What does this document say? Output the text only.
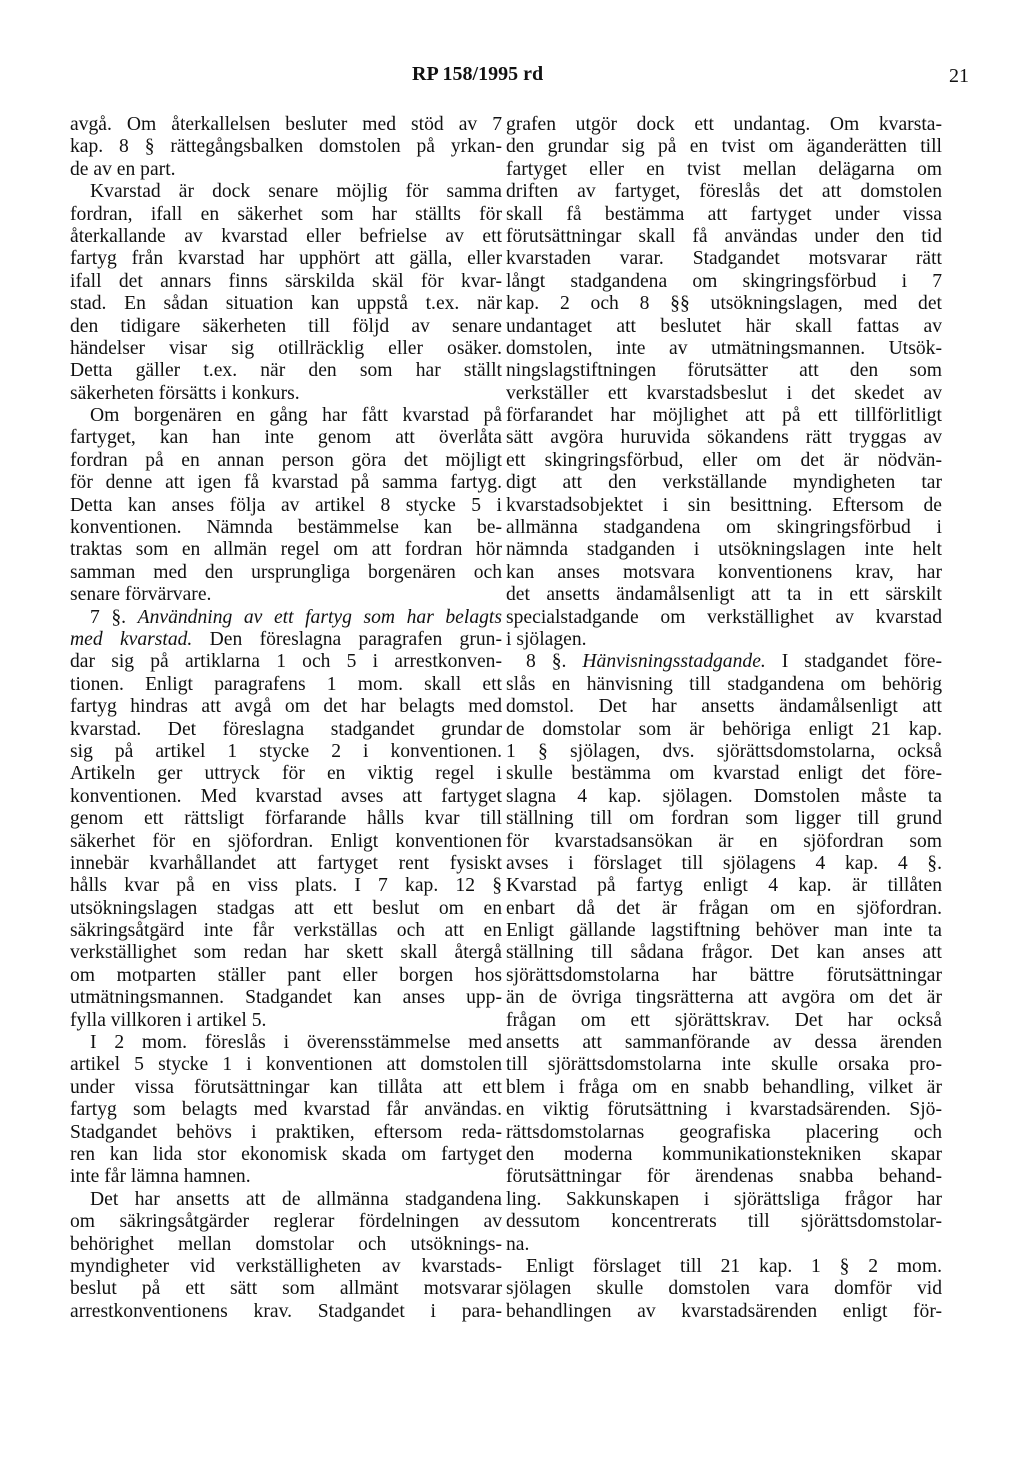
RP 158/1995 rd	21
avgå. Om återkallelsen besluter med stöd av 7
kap. 8 § rättegångsbalken domstolen på yrkan-
de av en part.
Kvarstad är dock senare möjlig för samma
fordran, ifall en säkerhet som har ställts för
återkallande av kvarstad eller befrielse av ett
fartyg från kvarstad har upphört att gälla, eller
ifall det annars finns särskilda skäl för kvar-
stad. En sådan situation kan uppstå t.ex. när
den tidigare säkerheten till följd av senare
händelser visar sig otillräcklig eller osäker.
Detta gäller t.ex. när den som har ställt
säkerheten försätts i konkurs.
Om borgenären en gång har fått kvarstad på
fartyget, kan han inte genom att överlåta
fordran på en annan person göra det möjligt
för denne att igen få kvarstad på samma fartyg.
Detta kan anses följa av artikel 8 stycke 5 i
konventionen. Nämnda bestämmelse kan be-
traktas som en allmän regel om att fordran hör
samman med den ursprungliga borgenären och
senare förvärvare.
7 §. Användning av ett fartyg som har belagts
med kvarstad. Den föreslagna paragrafen grun-
dar sig på artiklarna 1 och 5 i arrestkonven-
tionen. Enligt paragrafens 1 mom. skall ett
fartyg hindras att avgå om det har belagts med
kvarstad. Det föreslagna stadgandet grundar
sig på artikel 1 stycke 2 i konventionen.
Artikeln ger uttryck för en viktig regel i
konventionen. Med kvarstad avses att fartyget
genom ett rättsligt förfarande hålls kvar till
säkerhet för en sjöfordran. Enligt konventionen
innebär kvarhållandet att fartyget rent fysiskt
hålls kvar på en viss plats. I 7 kap. 12 §
utsökningslagen stadgas att ett beslut om en
säkringsåtgärd inte får verkställas och att en
verkställighet som redan har skett skall återgå
om motparten ställer pant eller borgen hos
utmätningsmannen. Stadgandet kan anses upp-
fylla villkoren i artikel 5.
I 2 mom. föreslås i överensstämmelse med
artikel 5 stycke 1 i konventionen att domstolen
under vissa förutsättningar kan tillåta att ett
fartyg som belagts med kvarstad får användas.
Stadgandet behövs i praktiken, eftersom reda-
ren kan lida stor ekonomisk skada om fartyget
inte får lämna hamnen.
Det har ansetts att de allmänna stadgandena
om säkringsåtgärder reglerar fördelningen av
behörighet mellan domstolar och utsöknings-
myndigheter vid verkställigheten av kvarstads-
beslut på ett sätt som allmänt motsvarar
arrestkonventionens krav. Stadgandet i para-
grafen utgör dock ett undantag. Om kvarsta-
den grundar sig på en tvist om äganderätten till
fartyget eller en tvist mellan delägarna om
driften av fartyget, föreslås det att domstolen
skall få bestämma att fartyget under vissa
förutsättningar skall få användas under den tid
kvarstaden varar. Stadgandet motsvarar rätt
långt stadgandena om skingringsförbud i 7
kap. 2 och 8 §§ utsökningslagen, med det
undantaget att beslutet här skall fattas av
domstolen, inte av utmätningsmannen. Utsök-
ningslagstiftningen förutsätter att den som
verkställer ett kvarstadsbeslut i det skedet av
förfarandet har möjlighet att på ett tillförlitligt
sätt avgöra huruvida sökandens rätt tryggas av
ett skingringsförbud, eller om det är nödvän-
digt att den verkställande myndigheten tar
kvarstadsobjektet i sin besittning. Eftersom de
allmänna stadgandena om skingringsförbud i
nämnda stadganden i utsökningslagen inte helt
kan anses motsvara konventionens krav, har
det ansetts ändamålsenligt att ta in ett särskilt
specialstadgande om verkställighet av kvarstad
i sjölagen.
8 §. Hänvisningsstadgande. I stadgandet före-
slås en hänvisning till stadgandena om behörig
domstol. Det har ansetts ändamålsenligt att
de domstolar som är behöriga enligt 21 kap.
1 § sjölagen, dvs. sjörättsdomstolarna, också
skulle bestämma om kvarstad enligt det före-
slagna 4 kap. sjölagen. Domstolen måste ta
ställning till om fordran som ligger till grund
för kvarstadsansökan är en sjöfordran som
avses i förslaget till sjölagens 4 kap. 4 §.
Kvarstad på fartyg enligt 4 kap. är tillåten
enbart då det är frågan om en sjöfordran.
Enligt gällande lagstiftning behöver man inte ta
ställning till sådana frågor. Det kan anses att
sjörättsdomstolarna har bättre förutsättningar
än de övriga tingsrätterna att avgöra om det är
frågan om ett sjörättskrav. Det har också
ansetts att sammanförande av dessa ärenden
till sjörättsdomstolarna inte skulle orsaka pro-
blem i fråga om en snabb behandling, vilket är
en viktig förutsättning i kvarstadsärenden. Sjö-
rättsdomstolarnas geografiska placering och
den moderna kommunikationstekniken skapar
förutsättningar för ärendenas snabba behand-
ling. Sakkunskapen i sjörättsliga frågor har
dessutom koncentrerats till sjörättsdomstolar-
na.
Enligt förslaget till 21 kap. 1 § 2 mom.
sjölagen skulle domstolen vara domför vid
behandlingen av kvarstadsärenden enligt för-
